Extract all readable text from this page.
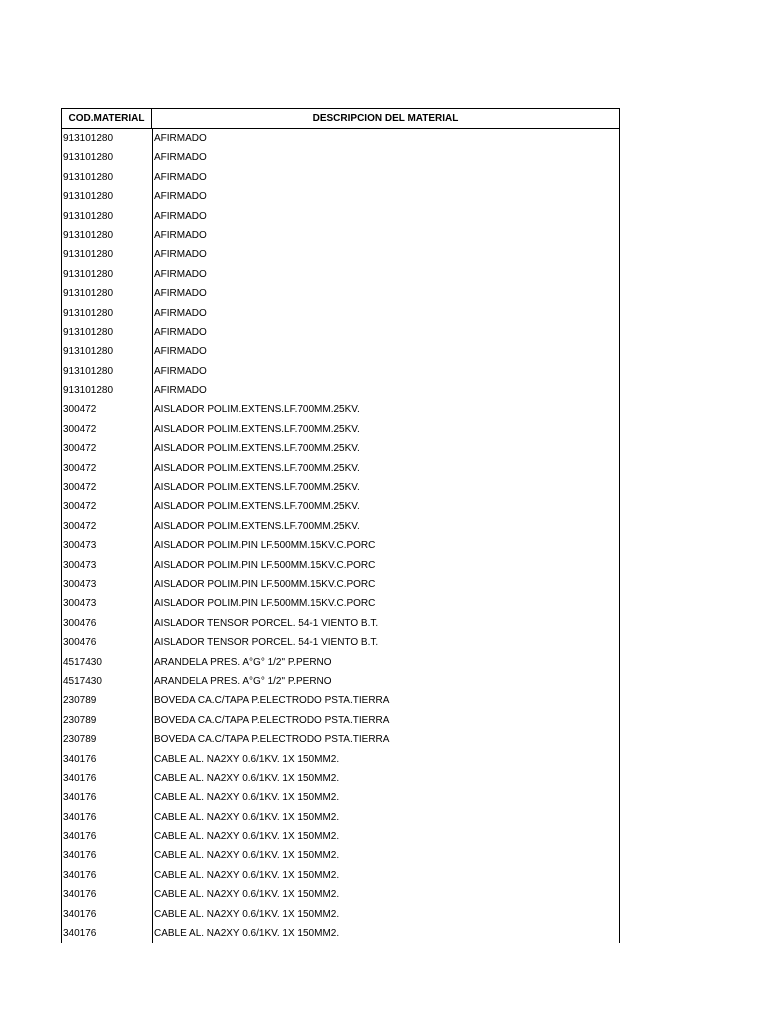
COD.MATERIAL	DESCRIPCION DEL MATERIAL
913101280	AFIRMADO
913101280	AFIRMADO
913101280	AFIRMADO
913101280	AFIRMADO
913101280	AFIRMADO
913101280	AFIRMADO
913101280	AFIRMADO
913101280	AFIRMADO
913101280	AFIRMADO
913101280	AFIRMADO
913101280	AFIRMADO
913101280	AFIRMADO
913101280	AFIRMADO
913101280	AFIRMADO
300472	AISLADOR POLIM.EXTENS.LF.700MM.25KV.
300472	AISLADOR POLIM.EXTENS.LF.700MM.25KV.
300472	AISLADOR POLIM.EXTENS.LF.700MM.25KV.
300472	AISLADOR POLIM.EXTENS.LF.700MM.25KV.
300472	AISLADOR POLIM.EXTENS.LF.700MM.25KV.
300472	AISLADOR POLIM.EXTENS.LF.700MM.25KV.
300472	AISLADOR POLIM.EXTENS.LF.700MM.25KV.
300473	AISLADOR POLIM.PIN LF.500MM.15KV.C.PORC
300473	AISLADOR POLIM.PIN LF.500MM.15KV.C.PORC
300473	AISLADOR POLIM.PIN LF.500MM.15KV.C.PORC
300473	AISLADOR POLIM.PIN LF.500MM.15KV.C.PORC
300476	AISLADOR TENSOR PORCEL. 54-1 VIENTO B.T.
300476	AISLADOR TENSOR PORCEL. 54-1 VIENTO B.T.
4517430	ARANDELA PRES. A°G° 1/2" P.PERNO
4517430	ARANDELA PRES. A°G° 1/2" P.PERNO
230789	BOVEDA CA.C/TAPA P.ELECTRODO PSTA.TIERRA
230789	BOVEDA CA.C/TAPA P.ELECTRODO PSTA.TIERRA
230789	BOVEDA CA.C/TAPA P.ELECTRODO PSTA.TIERRA
340176	CABLE AL. NA2XY 0.6/1KV. 1X 150MM2.
340176	CABLE AL. NA2XY 0.6/1KV. 1X 150MM2.
340176	CABLE AL. NA2XY 0.6/1KV. 1X 150MM2.
340176	CABLE AL. NA2XY 0.6/1KV. 1X 150MM2.
340176	CABLE AL. NA2XY 0.6/1KV. 1X 150MM2.
340176	CABLE AL. NA2XY 0.6/1KV. 1X 150MM2.
340176	CABLE AL. NA2XY 0.6/1KV. 1X 150MM2.
340176	CABLE AL. NA2XY 0.6/1KV. 1X 150MM2.
340176	CABLE AL. NA2XY 0.6/1KV. 1X 150MM2.
340176	CABLE AL. NA2XY 0.6/1KV. 1X 150MM2.
